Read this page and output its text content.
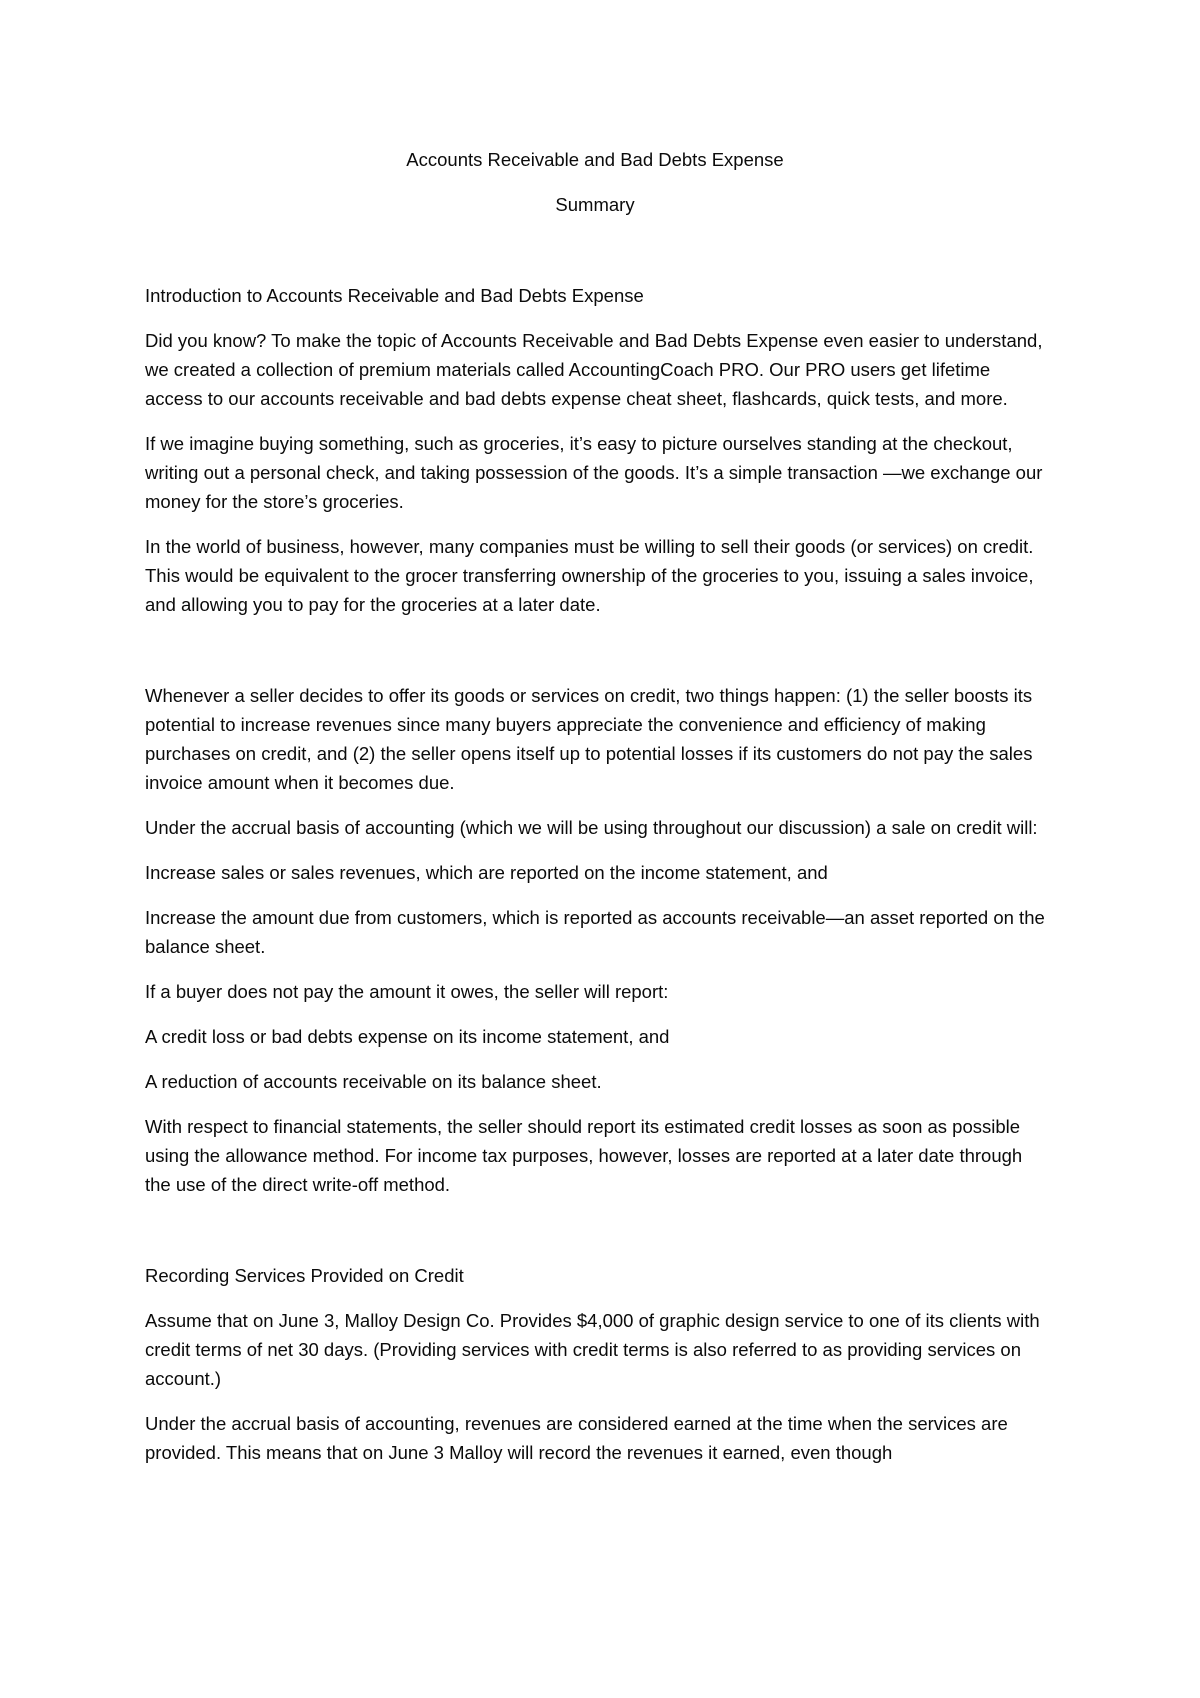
Accounts Receivable and Bad Debts Expense

Summary

Introduction to Accounts Receivable and Bad Debts Expense

Did you know? To make the topic of Accounts Receivable and Bad Debts Expense even easier to understand, we created a collection of premium materials called AccountingCoach PRO. Our PRO users get lifetime access to our accounts receivable and bad debts expense cheat sheet, flashcards, quick tests, and more.

If we imagine buying something, such as groceries, it’s easy to picture ourselves standing at the checkout, writing out a personal check, and taking possession of the goods. It’s a simple transaction —we exchange our money for the store’s groceries.

In the world of business, however, many companies must be willing to sell their goods (or services) on credit. This would be equivalent to the grocer transferring ownership of the groceries to you, issuing a sales invoice, and allowing you to pay for the groceries at a later date.

Whenever a seller decides to offer its goods or services on credit, two things happen: (1) the seller boosts its potential to increase revenues since many buyers appreciate the convenience and efficiency of making purchases on credit, and (2) the seller opens itself up to potential losses if its customers do not pay the sales invoice amount when it becomes due.

Under the accrual basis of accounting (which we will be using throughout our discussion) a sale on credit will:

Increase sales or sales revenues, which are reported on the income statement, and

Increase the amount due from customers, which is reported as accounts receivable—an asset reported on the balance sheet.

If a buyer does not pay the amount it owes, the seller will report:

A credit loss or bad debts expense on its income statement, and

A reduction of accounts receivable on its balance sheet.

With respect to financial statements, the seller should report its estimated credit losses as soon as possible using the allowance method. For income tax purposes, however, losses are reported at a later date through the use of the direct write-off method.

Recording Services Provided on Credit

Assume that on June 3, Malloy Design Co. Provides $4,000 of graphic design service to one of its clients with credit terms of net 30 days. (Providing services with credit terms is also referred to as providing services on account.)

Under the accrual basis of accounting, revenues are considered earned at the time when the services are provided. This means that on June 3 Malloy will record the revenues it earned, even though
